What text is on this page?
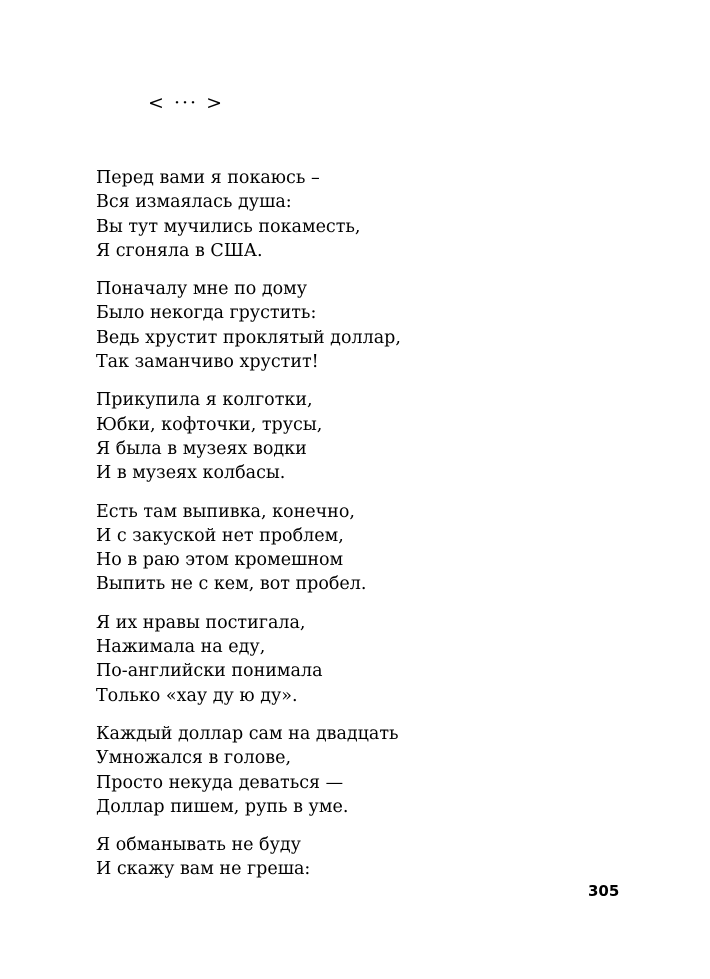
< ··· >
Перед вами я покаюсь –
Вся измаялась душа:
Вы тут мучились покаместь,
Я сгоняла в США.
Поначалу мне по дому
Было некогда грустить:
Ведь хрустит проклятый доллар,
Так заманчиво хрустит!
Прикупила я колготки,
Юбки, кофточки, трусы,
Я была в музеях водки
И в музеях колбасы.
Есть там выпивка, конечно,
И с закуской нет проблем,
Но в раю этом кромешном
Выпить не с кем, вот пробел.
Я их нравы постигала,
Нажимала на еду,
По-английски понимала
Только «хау ду ю ду».
Каждый доллар сам на двадцать
Умножался в голове,
Просто некуда деваться —
Доллар пишем, рупь в уме.
Я обманывать не буду
И скажу вам не греша:
305
